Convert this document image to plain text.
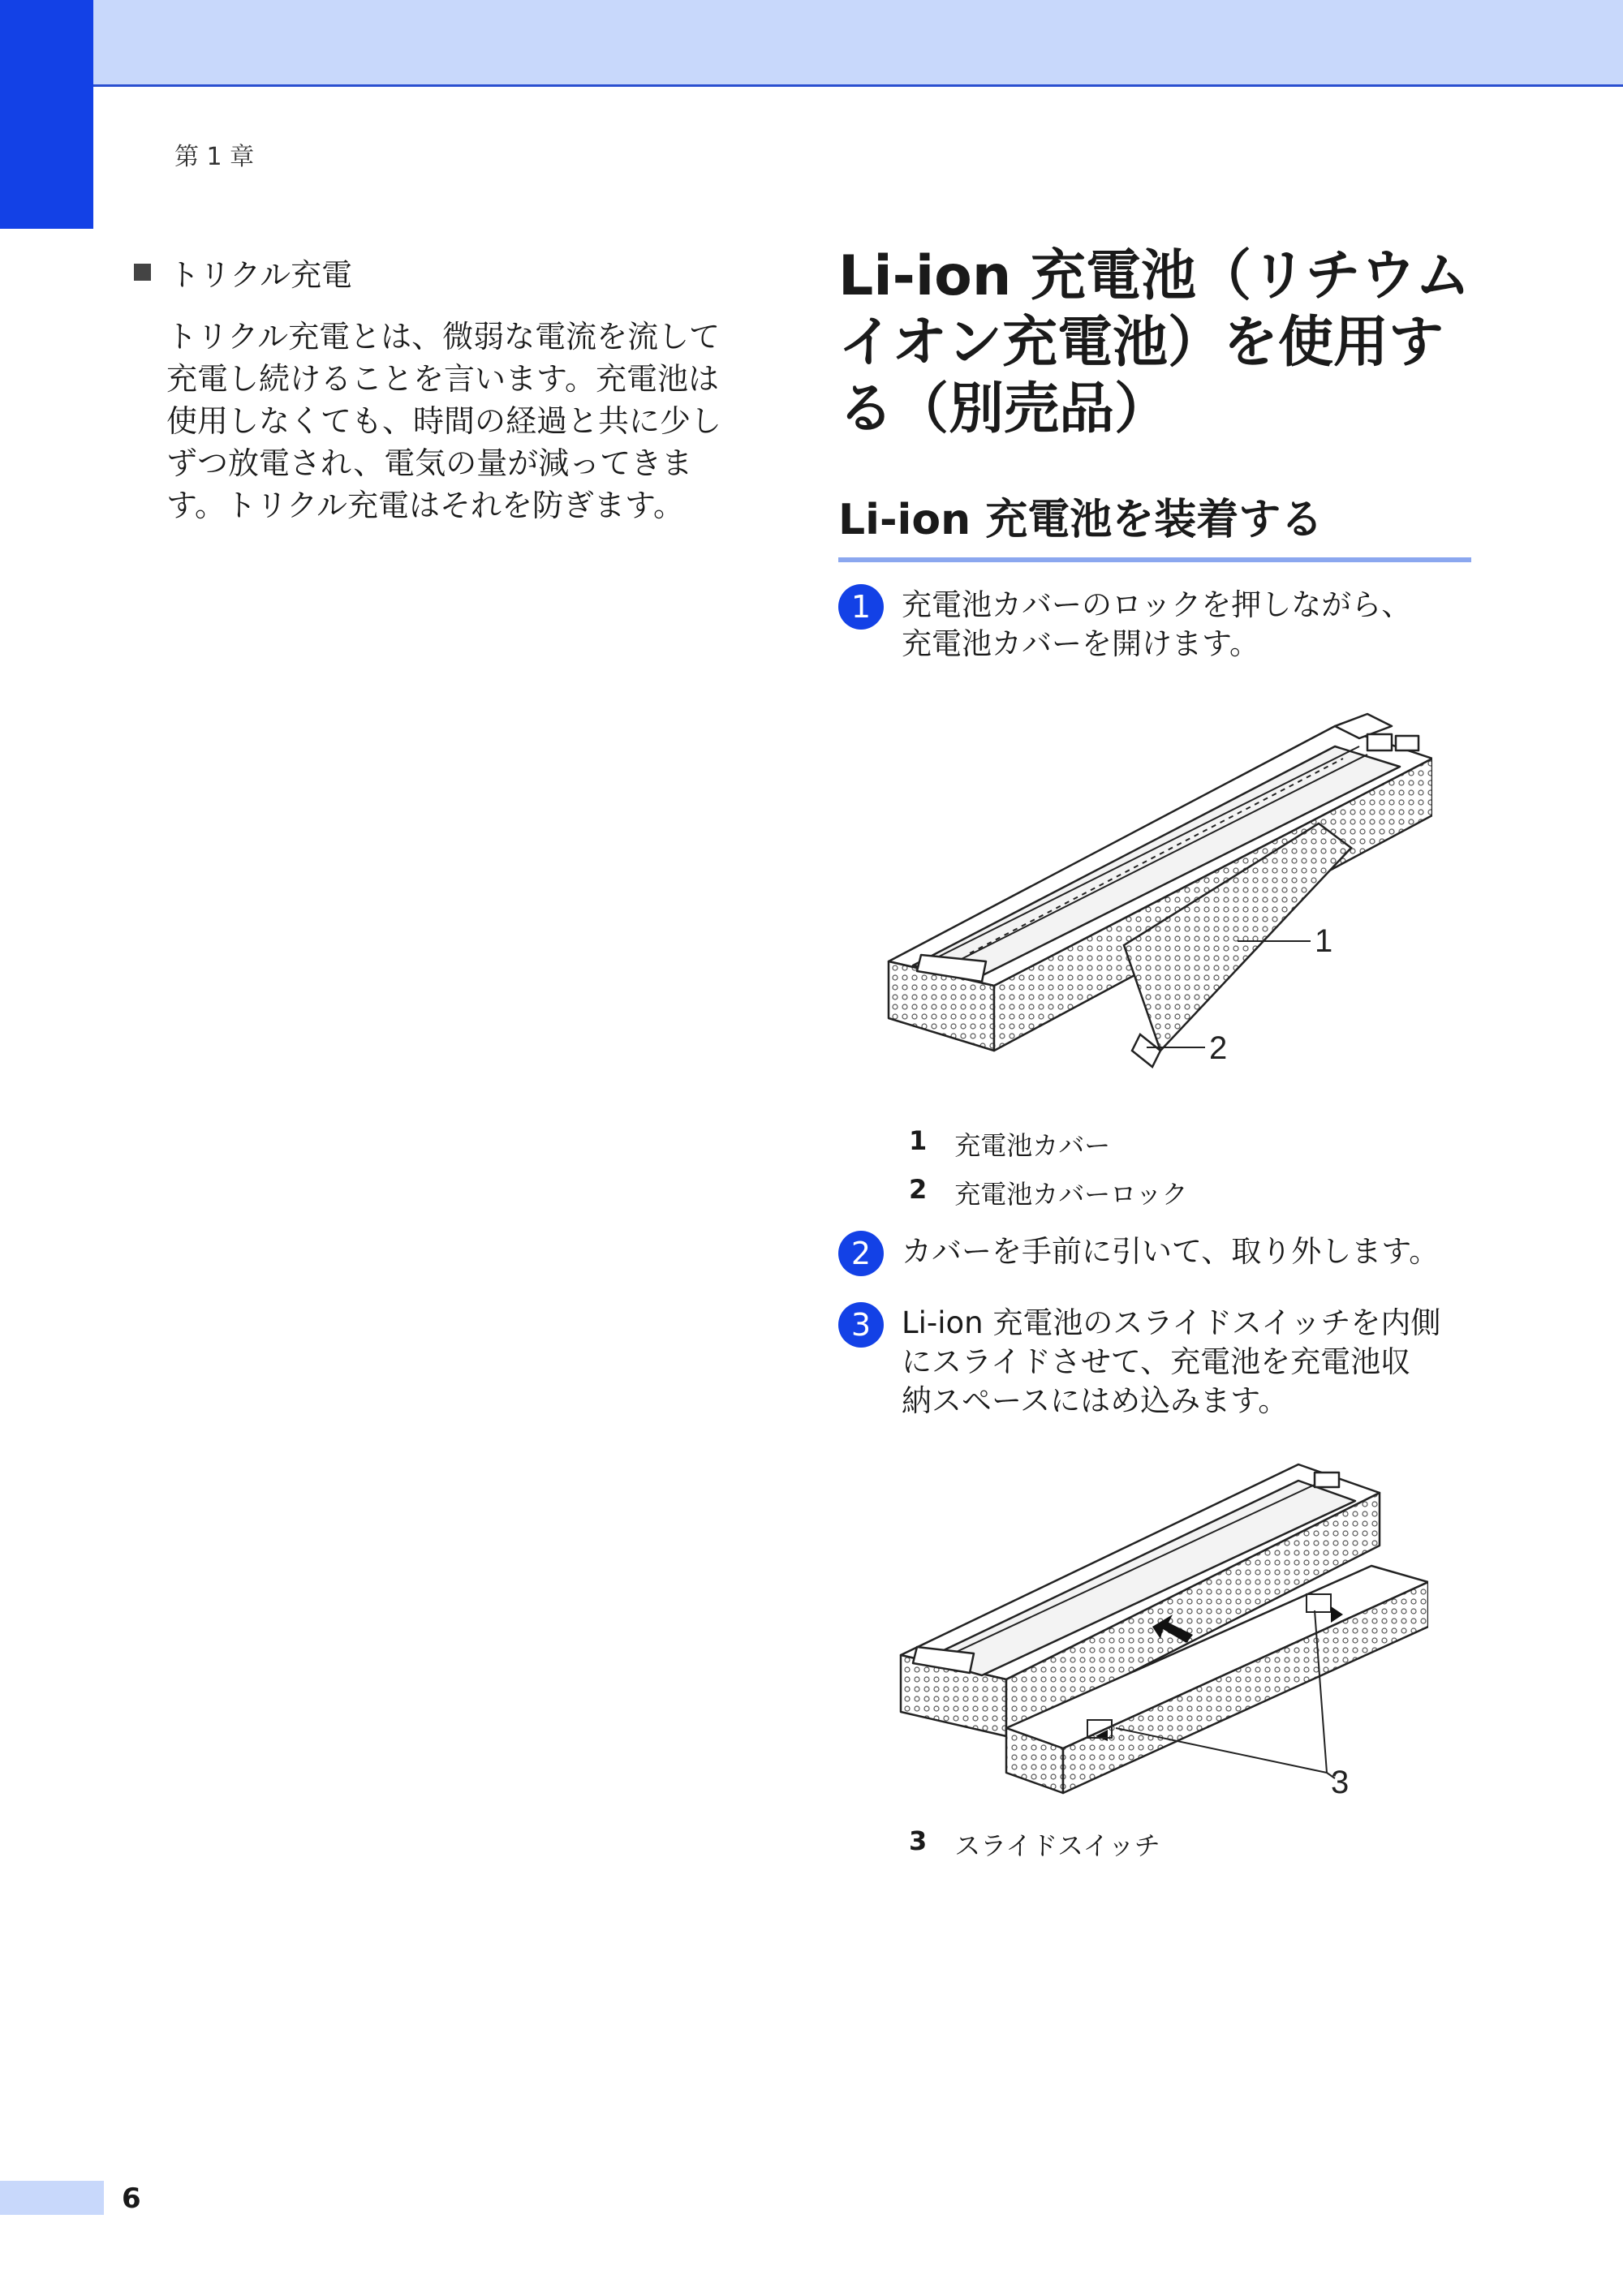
第 1 章
トリクル充電
トリクル充電とは、微弱な電流を流して
充電し続けることを言います。充電池は
使用しなくても、時間の経過と共に少し
ずつ放電され、電気の量が減ってきま
す。トリクル充電はそれを防ぎます。
Li-ion 充電池（リチウム
イオン充電池）を使用す
る（別売品）
Li-ion 充電池を装着する
1	充電池カバーのロックを押しながら、
充電池カバーを開けます。
1
2
1 充電池カバー
2 充電池カバーロック
2	カバーを手前に引いて、取り外します。
3	Li-ion 充電池のスライドスイッチを内側
にスライドさせて、充電池を充電池収
納スペースにはめ込みます。
3
3 スライドスイッチ
6
